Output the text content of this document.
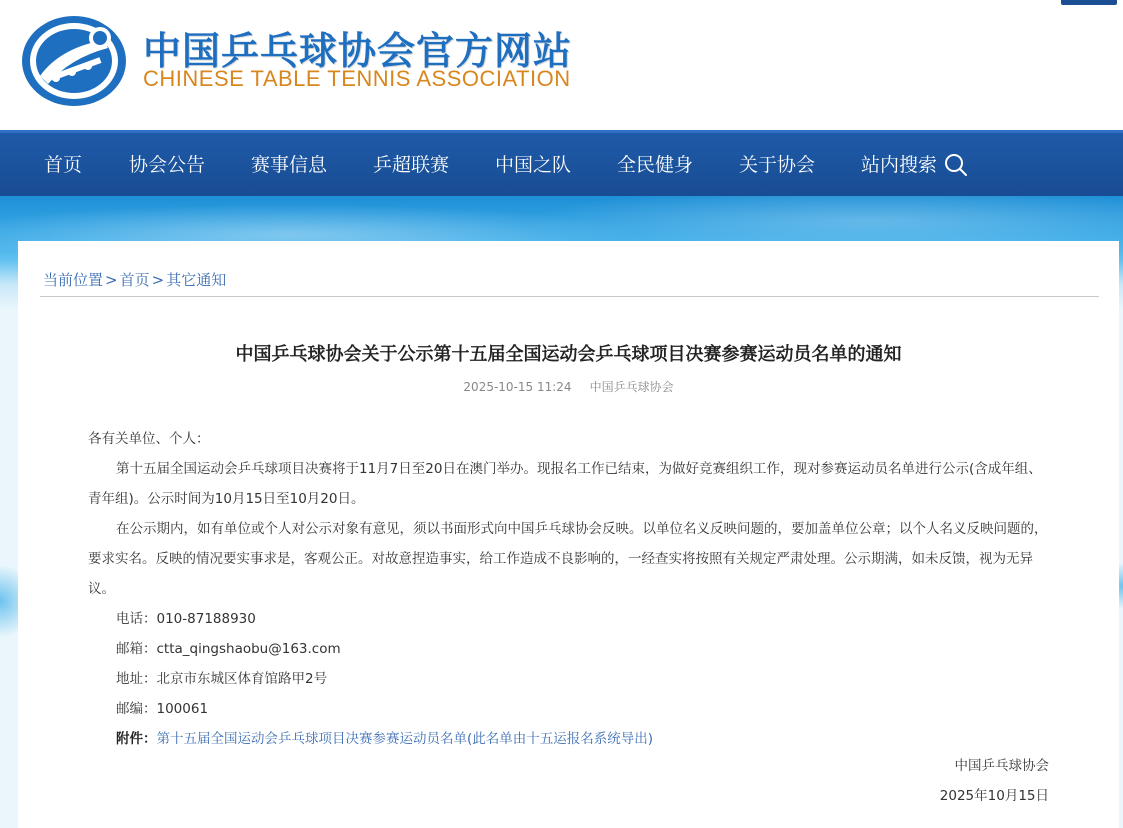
中国乒乓球协会官方网站
CHINESE TABLE TENNIS ASSOCIATION
首页 协会公告 赛事信息 乒超联赛 中国之队 全民健身 关于协会 站内搜索
当前位置 > 首页 > 其它通知
中国乒乓球协会关于公示第十五届全国运动会乒乓球项目决赛参赛运动员名单的通知
2025-10-15 11:24 中国乒乓球协会

各有关单位、个人：

第十五届全国运动会乒乓球项目决赛将于11月7日至20日在澳门举办。现报名工作已结束，为做好竞赛组织工作，现对参赛运动员名单进行公示(含成年组、青年组)。公示时间为10月15日至10月20日。

在公示期内，如有单位或个人对公示对象有意见，须以书面形式向中国乒乓球协会反映。以单位名义反映问题的，要加盖单位公章；以个人名义反映问题的，要求实名。反映的情况要实事求是，客观公正。对故意捏造事实，给工作造成不良影响的，一经查实将按照有关规定严肃处理。公示期满，如未反馈，视为无异议。

电话：010-87188930

邮箱：ctta_qingshaobu@163.com

地址：北京市东城区体育馆路甲2号

邮编：100061

附件：第十五届全国运动会乒乓球项目决赛参赛运动员名单(此名单由十五运报名系统导出)

中国乒乓球协会
2025年10月15日
